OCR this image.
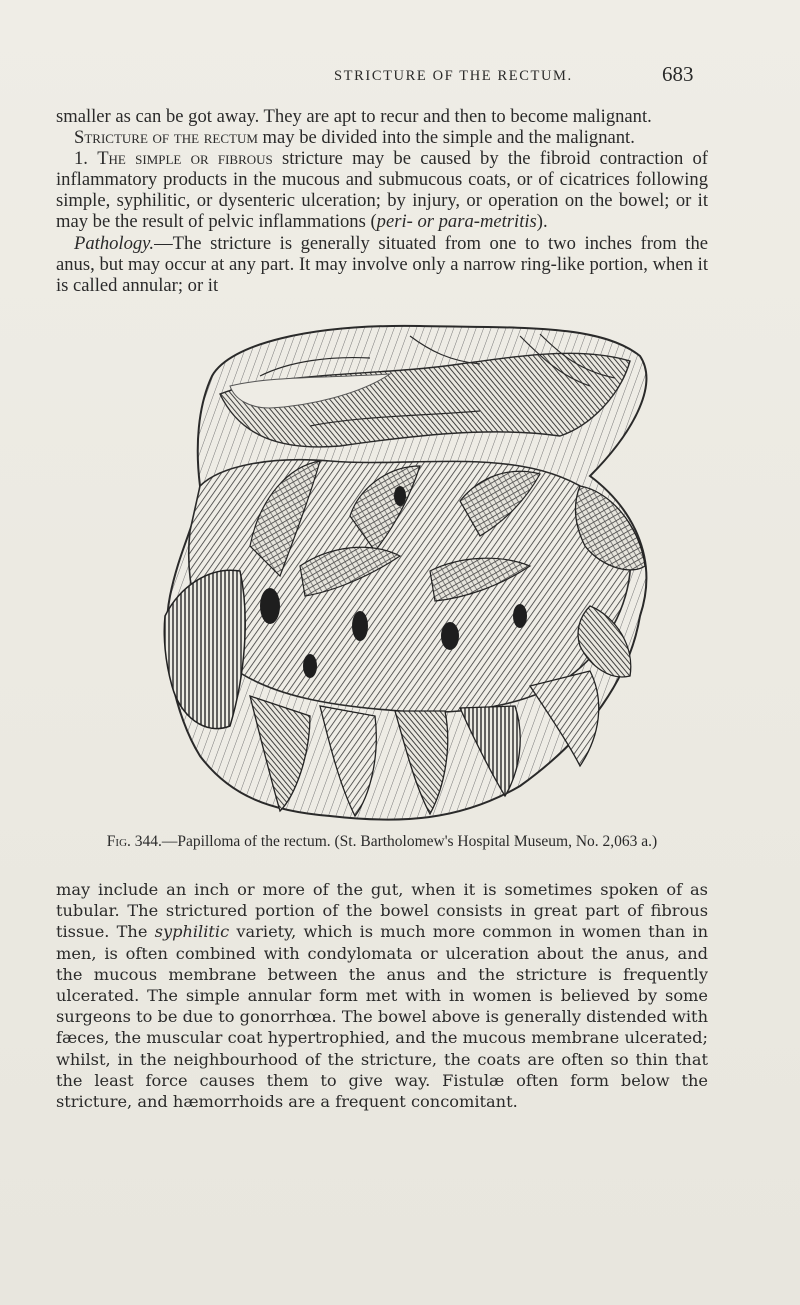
STRICTURE OF THE RECTUM.	683

smaller as can be got away. They are apt to recur and then to become malignant.

Stricture of the rectum may be divided into the simple and the malignant.

1. The simple or fibrous stricture may be caused by the fibroid contraction of inflammatory products in the mucous and submucous coats, or of cicatrices following simple, syphilitic, or dysenteric ulceration; by injury, or operation on the bowel; or it may be the result of pelvic inflammations (peri- or para-metritis).

Pathology.—The stricture is generally situated from one to two inches from the anus, but may occur at any part. It may involve only a narrow ring-like portion, when it is called annular; or it

Fig. 344.—Papilloma of the rectum. (St. Bartholomew's Hospital Museum, No. 2,063 a.)

may include an inch or more of the gut, when it is sometimes spoken of as tubular. The strictured portion of the bowel consists in great part of fibrous tissue. The syphilitic variety, which is much more common in women than in men, is often combined with condylomata or ulceration about the anus, and the mucous membrane between the anus and the stricture is frequently ulcerated. The simple annular form met with in women is believed by some surgeons to be due to gonorrhœa. The bowel above is generally distended with fæces, the muscular coat hypertrophied, and the mucous membrane ulcerated; whilst, in the neighbourhood of the stricture, the coats are often so thin that the least force causes them to give way. Fistulæ often form below the stricture, and hæmorrhoids are a frequent concomitant.
